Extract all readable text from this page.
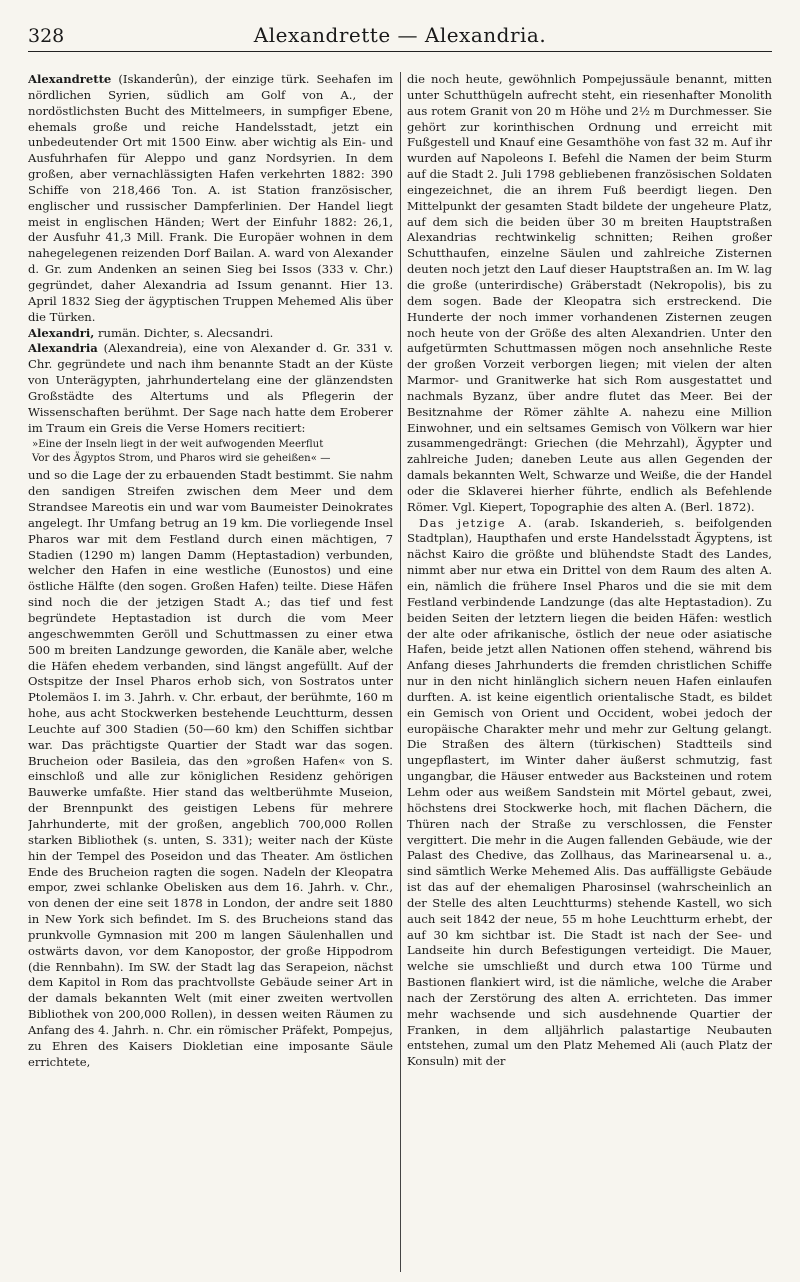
328	Alexandrette — Alexandria.

Alexandrette (Iskanderûn), der einzige türk. Seehafen im nördlichen Syrien, südlich am Golf von A., der nordöstlichsten Bucht des Mittelmeers, in sumpfiger Ebene, ehemals große und reiche Handelsstadt, jetzt ein unbedeutender Ort mit 1500 Einw. aber wichtig als Ein- und Ausfuhrhafen für Aleppo und ganz Nordsyrien. In dem großen, aber vernachlässigten Hafen verkehrten 1882: 390 Schiffe von 218,466 Ton. A. ist Station französischer, englischer und russischer Dampferlinien. Der Handel liegt meist in englischen Händen; Wert der Einfuhr 1882: 26,1, der Ausfuhr 41,3 Mill. Frank. Die Europäer wohnen in dem nahegelegenen reizenden Dorf Bailan. A. ward von Alexander d. Gr. zum Andenken an seinen Sieg bei Issos (333 v. Chr.) gegründet, daher Alexandria ad Issum genannt. Hier 13. April 1832 Sieg der ägyptischen Truppen Mehemed Alis über die Türken.

Alexandri, rumän. Dichter, s. Alecsandri.

Alexandria (Alexandreia), eine von Alexander d. Gr. 331 v. Chr. gegründete und nach ihm benannte Stadt an der Küste von Unterägypten, jahrhundertelang eine der glänzendsten Großstädte des Altertums und als Pflegerin der Wissenschaften berühmt. Der Sage nach hatte dem Eroberer im Traum ein Greis die Verse Homers recitiert:

»Eine der Inseln liegt in der weit aufwogenden Meerflut
Vor des Ägyptos Strom, und Pharos wird sie geheißen« —

und so die Lage der zu erbauenden Stadt bestimmt. Sie nahm den sandigen Streifen zwischen dem Meer und dem Strandsee Mareotis ein und war vom Baumeister Deinokrates angelegt. Ihr Umfang betrug an 19 km. Die vorliegende Insel Pharos war mit dem Festland durch einen mächtigen, 7 Stadien (1290 m) langen Damm (Heptastadion) verbunden, welcher den Hafen in eine westliche (Eunostos) und eine östliche Hälfte (den sogen. Großen Hafen) teilte. Diese Häfen sind noch die der jetzigen Stadt A.; das tief und fest begründete Heptastadion ist durch die vom Meer angeschwemmten Geröll und Schuttmassen zu einer etwa 500 m breiten Landzunge geworden, die Kanäle aber, welche die Häfen ehedem verbanden, sind längst angefüllt. Auf der Ostspitze der Insel Pharos erhob sich, von Sostratos unter Ptolemäos I. im 3. Jahrh. v. Chr. erbaut, der berühmte, 160 m hohe, aus acht Stockwerken bestehende Leuchtturm, dessen Leuchte auf 300 Stadien (50—60 km) den Schiffen sichtbar war. Das prächtigste Quartier der Stadt war das sogen. Brucheion oder Basileia, das den »großen Hafen« von S. einschloß und alle zur königlichen Residenz gehörigen Bauwerke umfaßte. Hier stand das weltberühmte Museion, der Brennpunkt des geistigen Lebens für mehrere Jahrhunderte, mit der großen, angeblich 700,000 Rollen starken Bibliothek (s. unten, S. 331); weiter nach der Küste hin der Tempel des Poseidon und das Theater. Am östlichen Ende des Brucheion ragten die sogen. Nadeln der Kleopatra empor, zwei schlanke Obelisken aus dem 16. Jahrh. v. Chr., von denen der eine seit 1878 in London, der andre seit 1880 in New York sich befindet. Im S. des Brucheions stand das prunkvolle Gymnasion mit 200 m langen Säulenhallen und ostwärts davon, vor dem Kanopostor, der große Hippodrom (die Rennbahn). Im SW. der Stadt lag das Serapeion, nächst dem Kapitol in Rom das prachtvollste Gebäude seiner Art in der damals bekannten Welt (mit einer zweiten wertvollen Bibliothek von 200,000 Rollen), in dessen weiten Räumen zu Anfang des 4. Jahrh. n. Chr. ein römischer Präfekt, Pompejus, zu Ehren des Kaisers Diokletian eine imposante Säule errichtete,

die noch heute, gewöhnlich Pompejussäule benannt, mitten unter Schutthügeln aufrecht steht, ein riesenhafter Monolith aus rotem Granit von 20 m Höhe und 2½ m Durchmesser. Sie gehört zur korinthischen Ordnung und erreicht mit Fußgestell und Knauf eine Gesamthöhe von fast 32 m. Auf ihr wurden auf Napoleons I. Befehl die Namen der beim Sturm auf die Stadt 2. Juli 1798 gebliebenen französischen Soldaten eingezeichnet, die an ihrem Fuß beerdigt liegen. Den Mittelpunkt der gesamten Stadt bildete der ungeheure Platz, auf dem sich die beiden über 30 m breiten Hauptstraßen Alexandrias rechtwinkelig schnitten; Reihen großer Schutthaufen, einzelne Säulen und zahlreiche Zisternen deuten noch jetzt den Lauf dieser Hauptstraßen an. Im W. lag die große (unterirdische) Gräberstadt (Nekropolis), bis zu dem sogen. Bade der Kleopatra sich erstreckend. Die Hunderte der noch immer vorhandenen Zisternen zeugen noch heute von der Größe des alten Alexandrien. Unter den aufgetürmten Schuttmassen mögen noch ansehnliche Reste der großen Vorzeit verborgen liegen; mit vielen der alten Marmor- und Granitwerke hat sich Rom ausgestattet und nachmals Byzanz, über andre flutet das Meer. Bei der Besitznahme der Römer zählte A. nahezu eine Million Einwohner, und ein seltsames Gemisch von Völkern war hier zusammengedrängt: Griechen (die Mehrzahl), Ägypter und zahlreiche Juden; daneben Leute aus allen Gegenden der damals bekannten Welt, Schwarze und Weiße, die der Handel oder die Sklaverei hierher führte, endlich als Befehlende Römer. Vgl. Kiepert, Topographie des alten A. (Berl. 1872).

Das jetzige A. (arab. Iskanderieh, s. beifolgenden Stadtplan), Haupthafen und erste Handelsstadt Ägyptens, ist nächst Kairo die größte und blühendste Stadt des Landes, nimmt aber nur etwa ein Drittel von dem Raum des alten A. ein, nämlich die frühere Insel Pharos und die sie mit dem Festland verbindende Landzunge (das alte Heptastadion). Zu beiden Seiten der letztern liegen die beiden Häfen: westlich der alte oder afrikanische, östlich der neue oder asiatische Hafen, beide jetzt allen Nationen offen stehend, während bis Anfang dieses Jahrhunderts die fremden christlichen Schiffe nur in den nicht hinlänglich sichern neuen Hafen einlaufen durften. A. ist keine eigentlich orientalische Stadt, es bildet ein Gemisch von Orient und Occident, wobei jedoch der europäische Charakter mehr und mehr zur Geltung gelangt. Die Straßen des ältern (türkischen) Stadtteils sind ungepflastert, im Winter daher äußerst schmutzig, fast ungangbar, die Häuser entweder aus Backsteinen und rotem Lehm oder aus weißem Sandstein mit Mörtel gebaut, zwei, höchstens drei Stockwerke hoch, mit flachen Dächern, die Thüren nach der Straße zu verschlossen, die Fenster vergittert. Die mehr in die Augen fallenden Gebäude, wie der Palast des Chedive, das Zollhaus, das Marinearsenal u. a., sind sämtlich Werke Mehemed Alis. Das auffälligste Gebäude ist das auf der ehemaligen Pharosinsel (wahrscheinlich an der Stelle des alten Leuchtturms) stehende Kastell, wo sich auch seit 1842 der neue, 55 m hohe Leuchtturm erhebt, der auf 30 km sichtbar ist. Die Stadt ist nach der See- und Landseite hin durch Befestigungen verteidigt. Die Mauer, welche sie umschließt und durch etwa 100 Türme und Bastionen flankiert wird, ist die nämliche, welche die Araber nach der Zerstörung des alten A. errichteten. Das immer mehr wachsende und sich ausdehnende Quartier der Franken, in dem alljährlich palastartige Neubauten entstehen, zumal um den Platz Mehemed Ali (auch Platz der Konsuln) mit der
